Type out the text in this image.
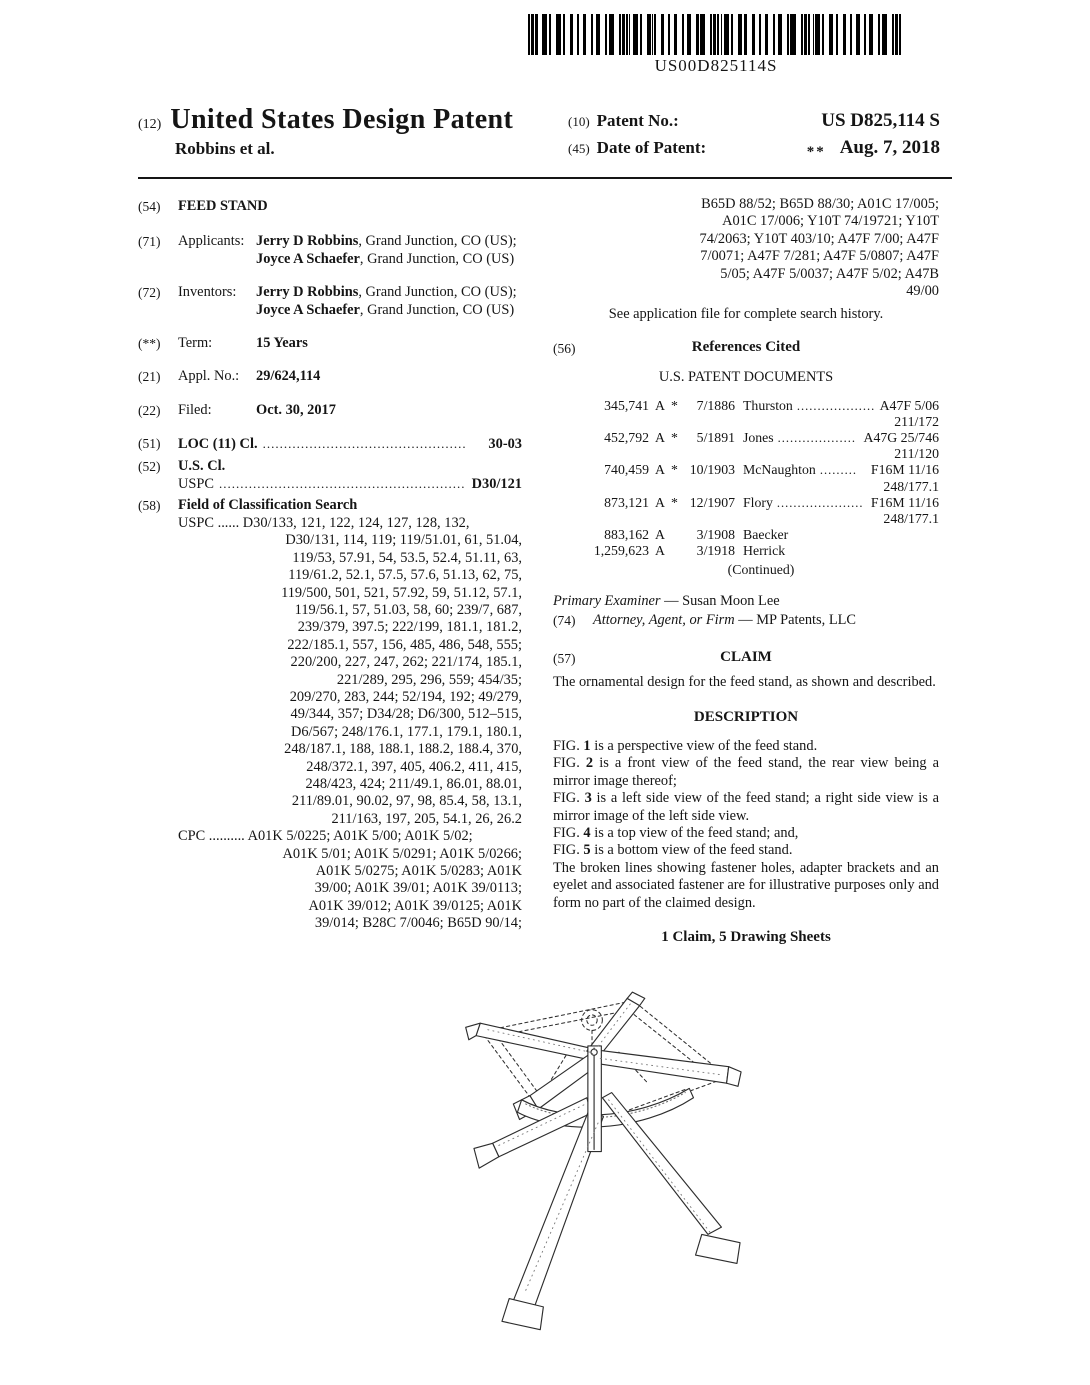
US00D825114S
(12) United States Design Patent
Robbins et al.
(10) Patent No.:	US D825,114 S
(45) Date of Patent:	** Aug. 7, 2018
(54)	FEED STAND
(71)	Applicants: Jerry D Robbins, Grand Junction, CO (US); Joyce A Schaefer, Grand Junction, CO (US)
(72)	Inventors:	Jerry D Robbins, Grand Junction, CO (US); Joyce A Schaefer, Grand Junction, CO (US)
(**)	Term:	15 Years
(21)	Appl. No.:	29/624,114
(22)	Filed:	Oct. 30, 2017
(51)	LOC (11) Cl. ................................................	30-03
(52)	U.S. Cl.
USPC .......................................................... D30/121
(58)	Field of Classification Search
USPC ...... D30/133, 121, 122, 124, 127, 128, 132,
D30/131, 114, 119; 119/51.01, 61, 51.04,
119/53, 57.91, 54, 53.5, 52.4, 51.11, 63,
119/61.2, 52.1, 57.5, 57.6, 51.13, 62, 75,
119/500, 501, 521, 57.92, 59, 51.12, 57.1,
119/56.1, 57, 51.03, 58, 60; 239/7, 687,
239/379, 397.5; 222/199, 181.1, 181.2,
222/185.1, 557, 156, 485, 486, 548, 555;
220/200, 227, 247, 262; 221/174, 185.1,
221/289, 295, 296, 559; 454/35;
209/270, 283, 244; 52/194, 192; 49/279,
49/344, 357; D34/28; D6/300, 512–515,
D6/567; 248/176.1, 177.1, 179.1, 180.1,
248/187.1, 188, 188.1, 188.2, 188.4, 370,
248/372.1, 397, 405, 406.2, 411, 415,
248/423, 424; 211/49.1, 86.01, 88.01,
211/89.01, 90.02, 97, 98, 85.4, 58, 13.1,
211/163, 197, 205, 54.1, 26, 26.2
CPC .......... A01K 5/0225; A01K 5/00; A01K 5/02;
A01K 5/01; A01K 5/0291; A01K 5/0266;
A01K 5/0275; A01K 5/0283; A01K
39/00; A01K 39/01; A01K 39/0113;
A01K 39/012; A01K 39/0125; A01K
39/014; B28C 7/0046; B65D 90/14;
B65D 88/52; B65D 88/30; A01C 17/005;
A01C 17/006; Y10T 74/19721; Y10T
74/2063; Y10T 403/10; A47F 7/00; A47F
7/0071; A47F 7/281; A47F 5/0807; A47F
5/05; A47F 5/0037; A47F 5/02; A47B
49/00
See application file for complete search history.
(56)	References Cited
U.S. PATENT DOCUMENTS
345,741 A *	7/1886 Thurston ................... A47F 5/06
211/172
452,792 A *	5/1891 Jones ................... A47G 25/746
211/120
740,459 A * 10/1903 McNaughton .........	F16M 11/16
248/177.1
873,121 A * 12/1907 Flory ..................... F16M 11/16
248/177.1
883,162 A	3/1908 Baecker
1,259,623 A	3/1918 Herrick
(Continued)
Primary Examiner — Susan Moon Lee
(74)	Attorney, Agent, or Firm — MP Patents, LLC
(57)	CLAIM
The ornamental design for the feed stand, as shown and described.
DESCRIPTION
FIG. 1 is a perspective view of the feed stand.
FIG. 2 is a front view of the feed stand, the rear view being a mirror image thereof;
FIG. 3 is a left side view of the feed stand; a right side view is a mirror image of the left side view.
FIG. 4 is a top view of the feed stand; and,
FIG. 5 is a bottom view of the feed stand.
The broken lines showing fastener holes, adapter brackets and an eyelet and associated fastener are for illustrative purposes only and form no part of the claimed design.
1 Claim, 5 Drawing Sheets
